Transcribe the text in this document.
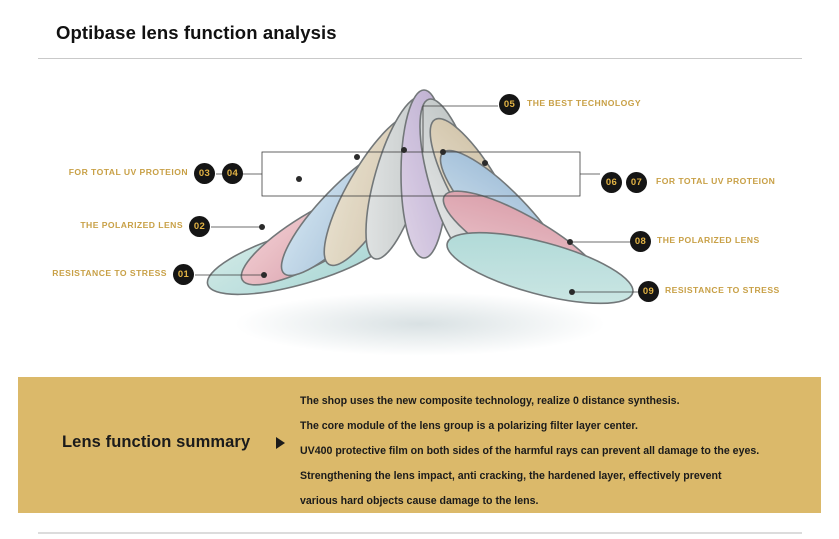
Optibase lens function analysis
01
02
03	04
05
06	07
08
09
RESISTANCE TO STRESS
THE POLARIZED LENS
FOR TOTAL UV PROTEION
THE BEST TECHNOLOGY
FOR TOTAL UV PROTEION
THE POLARIZED LENS
RESISTANCE TO STRESS
Lens function summary
The shop uses the new composite technology, realize 0 distance synthesis.
The core module of the lens group is a polarizing filter layer center.
UV400 protective film on both sides of the harmful rays can prevent all damage to the eyes.
Strengthening the lens impact, anti cracking, the hardened layer, effectively prevent
various hard objects cause damage to the lens.
